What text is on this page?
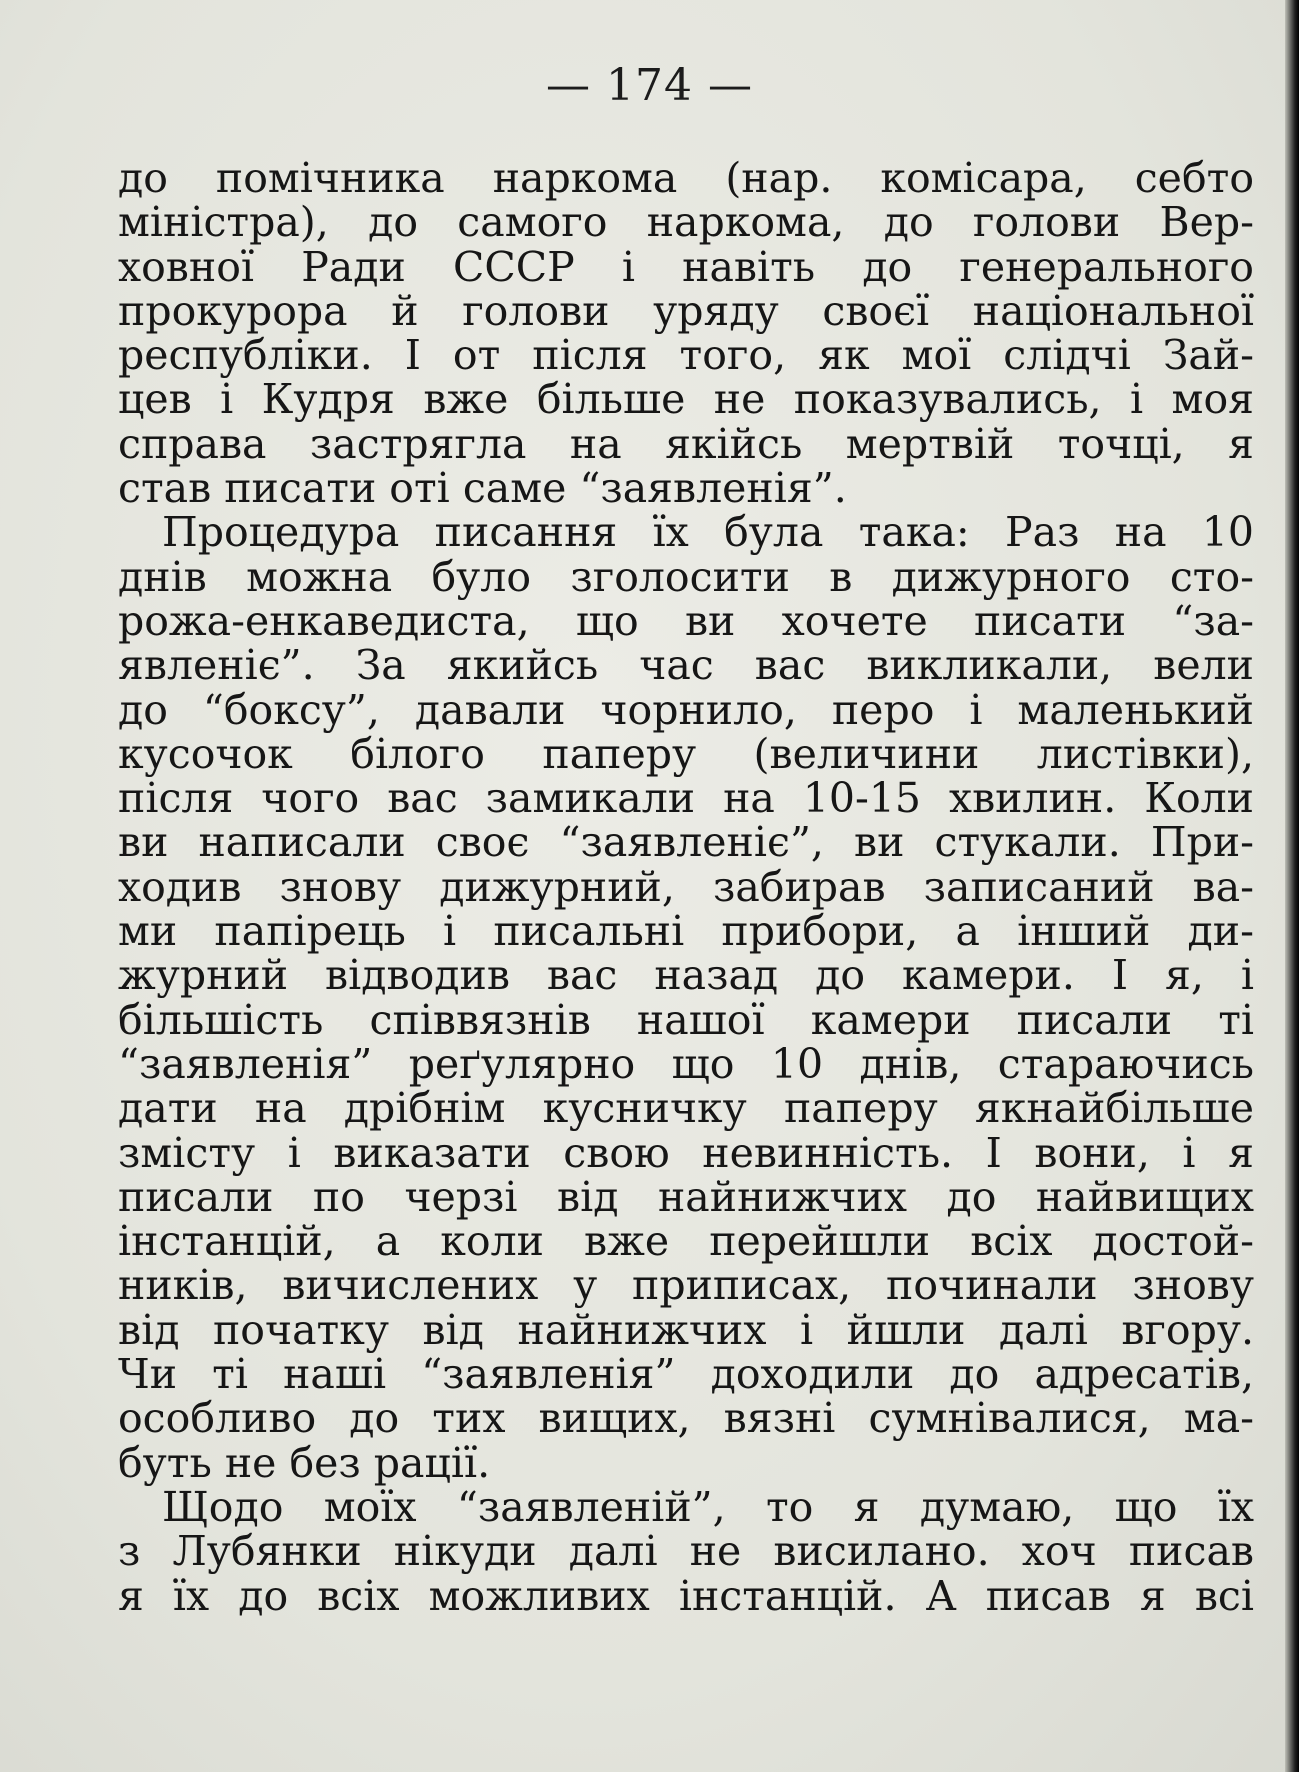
— 174 —
до помічника наркома (нар. комісара, себто
міністра), до самого наркома, до голови Вер-
ховної Ради СССР і навіть до генерального
прокурора й голови уряду своєї національної
республіки. І от після того, як мої слідчі Зай-
цев і Кудря вже більше не показувались, і моя
справа застрягла на якійсь мертвій точці, я
став писати оті саме “заявленія”.
Процедура писання їх була така: Раз на 10
днів можна було зголосити в дижурного сто-
рожа-енкаведиста, що ви хочете писати “за-
явленіє”. За якийсь час вас викликали, вели
до “боксу”, давали чорнило, перо і маленький
кусочок білого паперу (величини листівки),
після чого вас замикали на 10-15 хвилин. Коли
ви написали своє “заявленіє”, ви стукали. При-
ходив знову дижурний, забирав записаний ва-
ми папірець і писальні прибори, а інший ди-
журний відводив вас назад до камери. І я, і
більшість співвязнів нашої камери писали ті
“заявленія” реґулярно що 10 днів, стараючись
дати на дрібнім кусничку паперу якнайбільше
змісту і виказати свою невинність. І вони, і я
писали по черзі від найнижчих до найвищих
інстанцій, а коли вже перейшли всіх достой-
ників, вичислених у приписах, починали знову
від початку від найнижчих і йшли далі вгору.
Чи ті наші “заявленія” доходили до адресатів,
особливо до тих вищих, вязні сумнівалися, ма-
буть не без рації.
Щодо моїх “заявленій”, то я думаю, що їх
з Лубянки нікуди далі не висилано. хоч писав
я їх до всіх можливих інстанцій. А писав я всі
